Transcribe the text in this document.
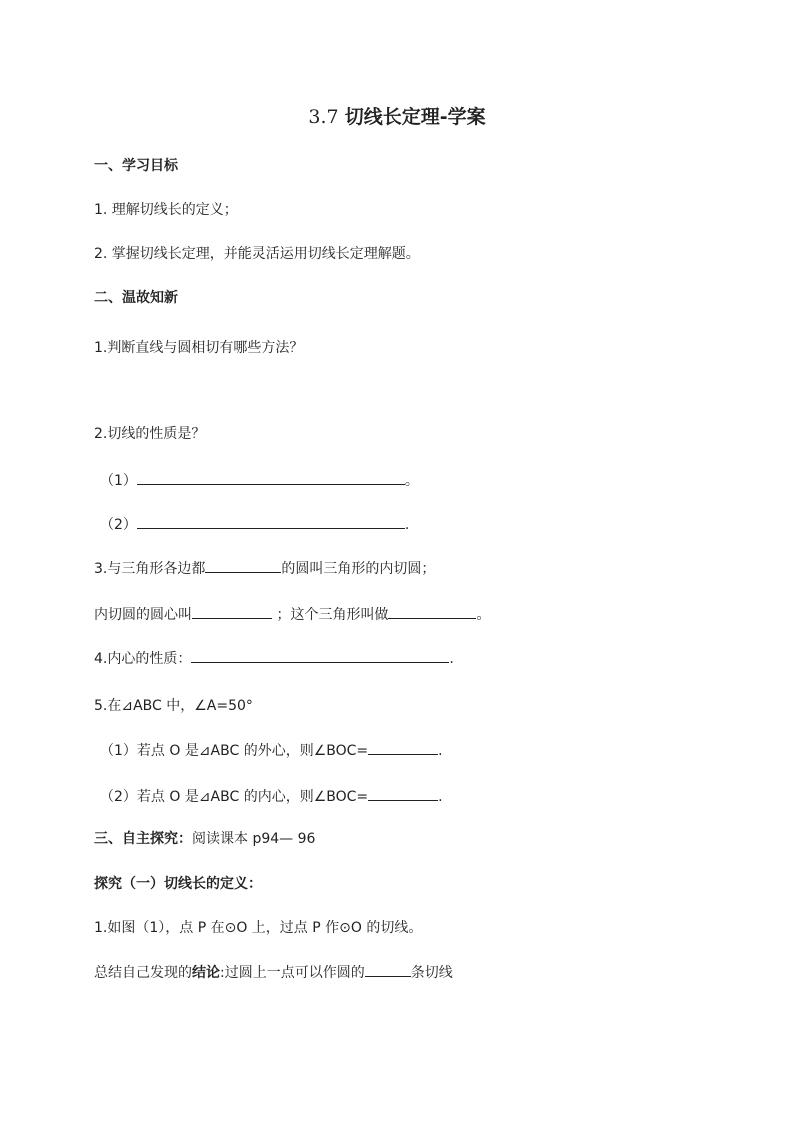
3.7 切线长定理-学案
一、学习目标
1. 理解切线长的定义；
2. 掌握切线长定理，并能灵活运用切线长定理解题。
二、温故知新
1.判断直线与圆相切有哪些方法？
2.切线的性质是？
（1）	。
（2）	.
3.与三角形各边都	的圆叫三角形的内切圆；
内切圆的圆心叫	；这个三角形叫做	。
4.内心的性质：	.
5.在⊿ABC 中，∠A=50°
（1）若点 O 是⊿ABC 的外心，则∠BOC=	.
（2）若点 O 是⊿ABC 的内心，则∠BOC=	.
三、自主探究：阅读课本 p94— 96
探究（一）切线长的定义：
1.如图（1），点 P 在⊙O 上，过点 P 作⊙O 的切线。
总结自己发现的结论:过圆上一点可以作圆的	条切线
